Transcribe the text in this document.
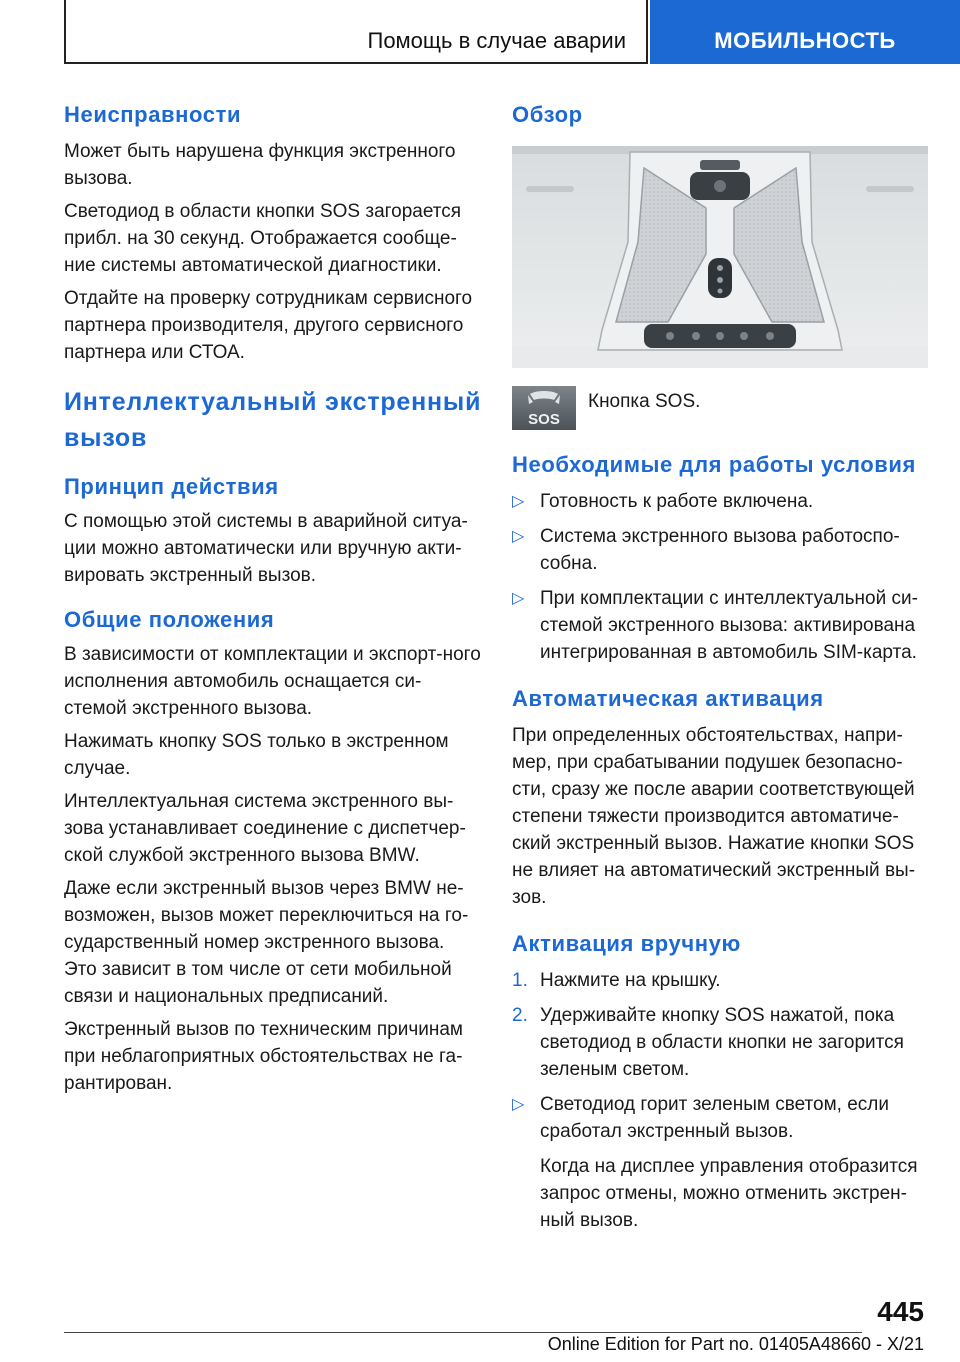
Помощь в случае аварии	МОБИЛЬНОСТЬ
Неисправности

Может быть нарушена функция экстренного вызова.

Светодиод в области кнопки SOS загорается прибл. на 30 секунд. Отображается сообще-ние системы автоматической диагностики.

Отдайте на проверку сотрудникам сервисного партнера производителя, другого сервисного партнера или СТОА.

Интеллектуальный экстренный вызов
Принцип действия

С помощью этой системы в аварийной ситуа-ции можно автоматически или вручную акти-вировать экстренный вызов.

Общие положения

В зависимости от комплектации и экспорт-ного исполнения автомобиль оснащается си-стемой экстренного вызова.

Нажимать кнопку SOS только в экстренном случае.

Интеллектуальная система экстренного вы-зова устанавливает соединение с диспетчер-ской службой экстренного вызова BMW.

Даже если экстренный вызов через BMW не-возможен, вызов может переключиться на го-сударственный номер экстренного вызова. Это зависит в том числе от сети мобильной связи и национальных предписаний.

Экстренный вызов по техническим причинам при неблагоприятных обстоятельствах не га-рантирован.

Обзор
SOS
Кнопка SOS.
Необходимые для работы условия
▷ Готовность к работе включена.
▷ Система экстренного вызова работоспо-собна.
▷ При комплектации с интеллектуальной си-стемой экстренного вызова: активирована интегрированная в автомобиль SIM-карта.
Автоматическая активация

При определенных обстоятельствах, напри-мер, при срабатывании подушек безопасно-сти, сразу же после аварии соответствующей степени тяжести производится автоматиче-ский экстренный вызов. Нажатие кнопки SOS не влияет на автоматический экстренный вы-зов.

Активация вручную
1. Нажмите на крышку.
2. Удерживайте кнопку SOS нажатой, пока светодиод в области кнопки не загорится зеленым светом.
▷ Светодиод горит зеленым светом, если сработал экстренный вызов.

Когда на дисплее управления отобразится запрос отмены, можно отменить экстрен-ный вызов.

445
Online Edition for Part no. 01405A48660 - X/21
